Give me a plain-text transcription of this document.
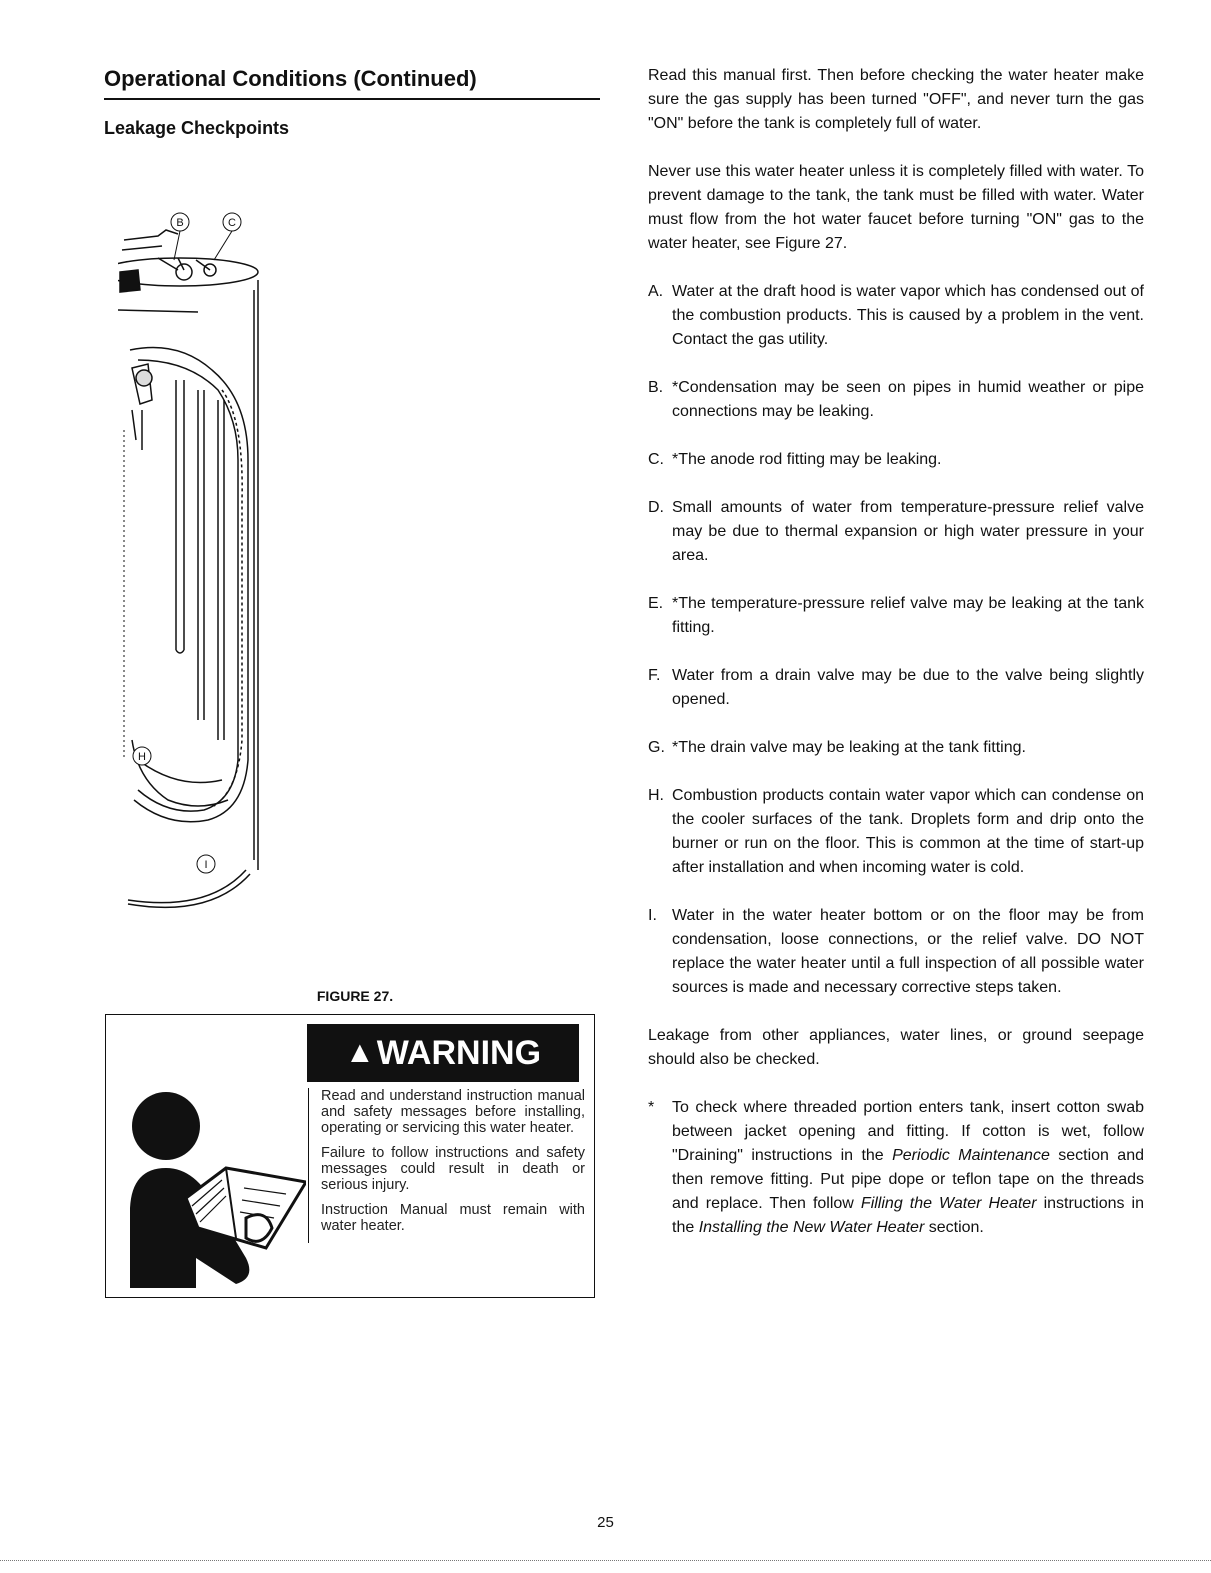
Operational Conditions (Continued)
Leakage Checkpoints
B	C
H
I
FIGURE 27.
▲ WARNING

Read and understand instruction manual and safety messages before installing, operating or servicing this water heater.

Failure to follow instructions and safety messages could result in death or serious injury.

Instruction Manual must remain with water heater.

Read this manual first. Then before checking the water heater make sure the gas supply has been turned "OFF", and never turn the gas "ON" before the tank is completely full of water.

Never use this water heater unless it is completely filled with water. To prevent damage to the tank, the tank must be filled with water. Water must flow from the hot water faucet before turning "ON" gas to the water heater, see Figure 27.

A. Water at the draft hood is water vapor which has condensed out of the combustion products. This is caused by a problem in the vent. Contact the gas utility.
B. *Condensation may be seen on pipes in humid weather or pipe connections may be leaking.
C. *The anode rod fitting may be leaking.
D. Small amounts of water from temperature-pressure relief valve may be due to thermal expansion or high water pressure in your area.
E. *The temperature-pressure relief valve may be leaking at the tank fitting.
F. Water from a drain valve may be due to the valve being slightly opened.
G. *The drain valve may be leaking at the tank fitting.
H. Combustion products contain water vapor which can condense on the cooler surfaces of the tank. Droplets form and drip onto the burner or run on the floor. This is common at the time of start-up after installation and when incoming water is cold.
I. Water in the water heater bottom or on the floor may be from condensation, loose connections, or the relief valve. DO NOT replace the water heater until a full inspection of all possible water sources is made and necessary corrective steps taken.

Leakage from other appliances, water lines, or ground seepage should also be checked.

*	To check where threaded portion enters tank, insert cotton swab between jacket opening and fitting. If cotton is wet, follow "Draining" instructions in the Periodic Maintenance section and then remove fitting. Put pipe dope or teflon tape on the threads and replace. Then follow Filling the Water Heater instructions in the Installing the New Water Heater section.
25
